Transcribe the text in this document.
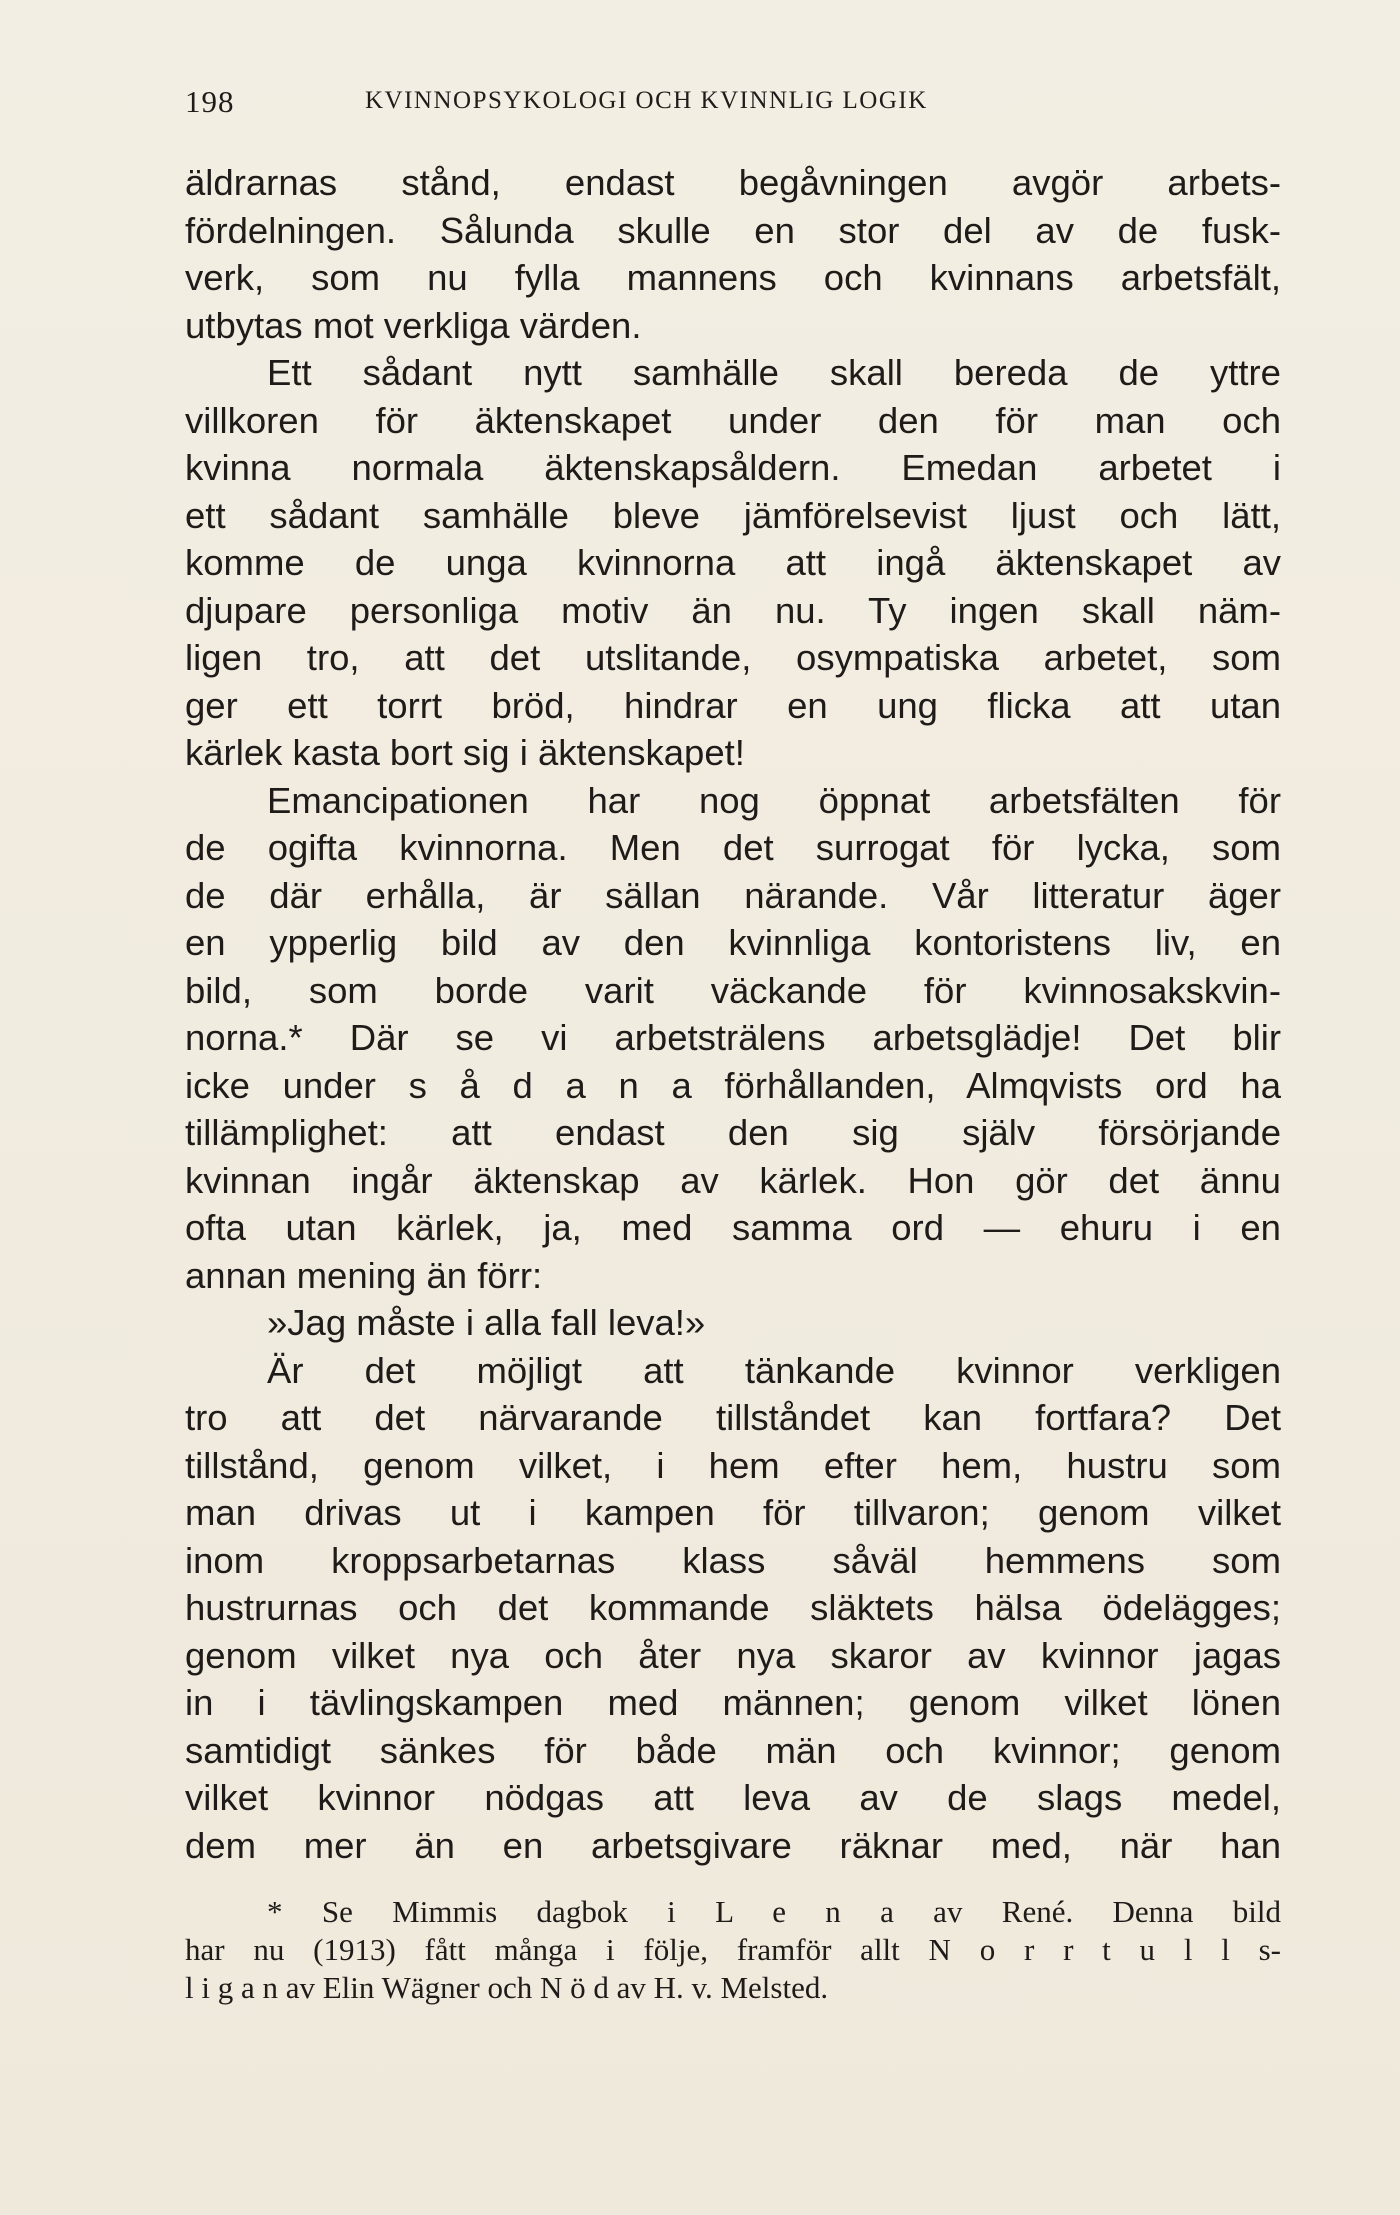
198	KVINNOPSYKOLOGI OCH KVINNLIG LOGIK
äldrarnas stånd, endast begåvningen avgör arbets-
fördelningen. Sålunda skulle en stor del av de fusk-
verk, som nu fylla mannens och kvinnans arbetsfält,
utbytas mot verkliga värden.
Ett sådant nytt samhälle skall bereda de yttre
villkoren för äktenskapet under den för man och
kvinna normala äktenskapsåldern. Emedan arbetet i
ett sådant samhälle bleve jämförelsevist ljust och lätt,
komme de unga kvinnorna att ingå äktenskapet av
djupare personliga motiv än nu. Ty ingen skall näm-
ligen tro, att det utslitande, osympatiska arbetet, som
ger ett torrt bröd, hindrar en ung flicka att utan
kärlek kasta bort sig i äktenskapet!
Emancipationen har nog öppnat arbetsfälten för
de ogifta kvinnorna. Men det surrogat för lycka, som
de där erhålla, är sällan närande. Vår litteratur äger
en ypperlig bild av den kvinnliga kontoristens liv, en
bild, som borde varit väckande för kvinnosakskvin-
norna.* Där se vi arbetsträlens arbetsglädje! Det blir
icke under s å d a n a förhållanden, Almqvists ord ha
tillämplighet: att endast den sig själv försörjande
kvinnan ingår äktenskap av kärlek. Hon gör det ännu
ofta utan kärlek, ja, med samma ord — ehuru i en
annan mening än förr:
»Jag måste i alla fall leva!»
Är det möjligt att tänkande kvinnor verkligen
tro att det närvarande tillståndet kan fortfara? Det
tillstånd, genom vilket, i hem efter hem, hustru som
man drivas ut i kampen för tillvaron; genom vilket
inom kroppsarbetarnas klass såväl hemmens som
hustrurnas och det kommande släktets hälsa ödelägges;
genom vilket nya och åter nya skaror av kvinnor jagas
in i tävlingskampen med männen; genom vilket lönen
samtidigt sänkes för både män och kvinnor; genom
vilket kvinnor nödgas att leva av de slags medel,
dem mer än en arbetsgivare räknar med, när han
* Se Mimmis dagbok i L e n a av René. Denna bild
har nu (1913) fått många i följe, framför allt N o r r t u l l s-
l i g a n av Elin Wägner och N ö d av H. v. Melsted.
